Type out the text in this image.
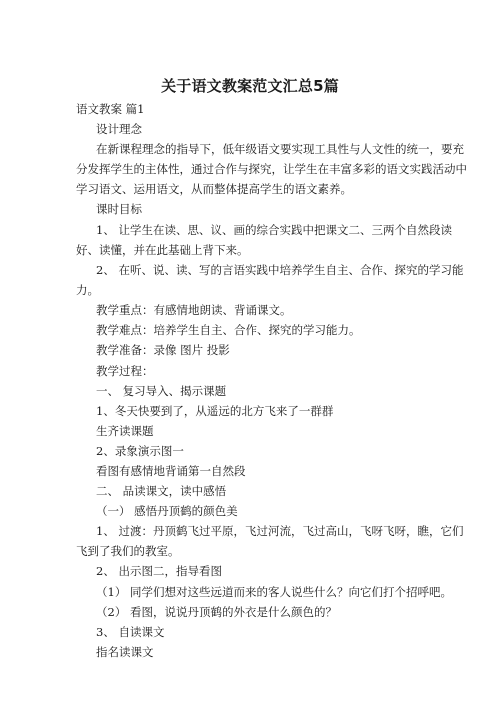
关于语文教案范文汇总5篇
语文教案 篇1
设计理念
在新课程理念的指导下，低年级语文要实现工具性与人文性的统一，要充
分发挥学生的主体性，通过合作与探究，让学生在丰富多彩的语文实践活动中
学习语文、运用语文，从而整体提高学生的语文素养。
课时目标
1、 让学生在读、思、议、画的综合实践中把课文二、三两个自然段读
好、读懂，并在此基础上背下来。
2、 在听、说、读、写的言语实践中培养学生自主、合作、探究的学习能
力。
教学重点：有感情地朗读、背诵课文。
教学难点：培养学生自主、合作、探究的学习能力。
教学准备：录像 图片 投影
教学过程：
一、 复习导入、揭示课题
1、冬天快要到了，从遥远的北方飞来了一群群
生齐读课题
2、录象演示图一
看图有感情地背诵第一自然段
二、 品读课文，读中感悟
（一） 感悟丹顶鹤的颜色美
1、 过渡：丹顶鹤飞过平原，飞过河流，飞过高山，飞呀飞呀，瞧，它们
飞到了我们的教室。
2、 出示图二，指导看图
（1） 同学们想对这些远道而来的客人说些什么？向它们打个招呼吧。
（2） 看图，说说丹顶鹤的外衣是什么颜色的？
3、 自读课文
指名读课文
